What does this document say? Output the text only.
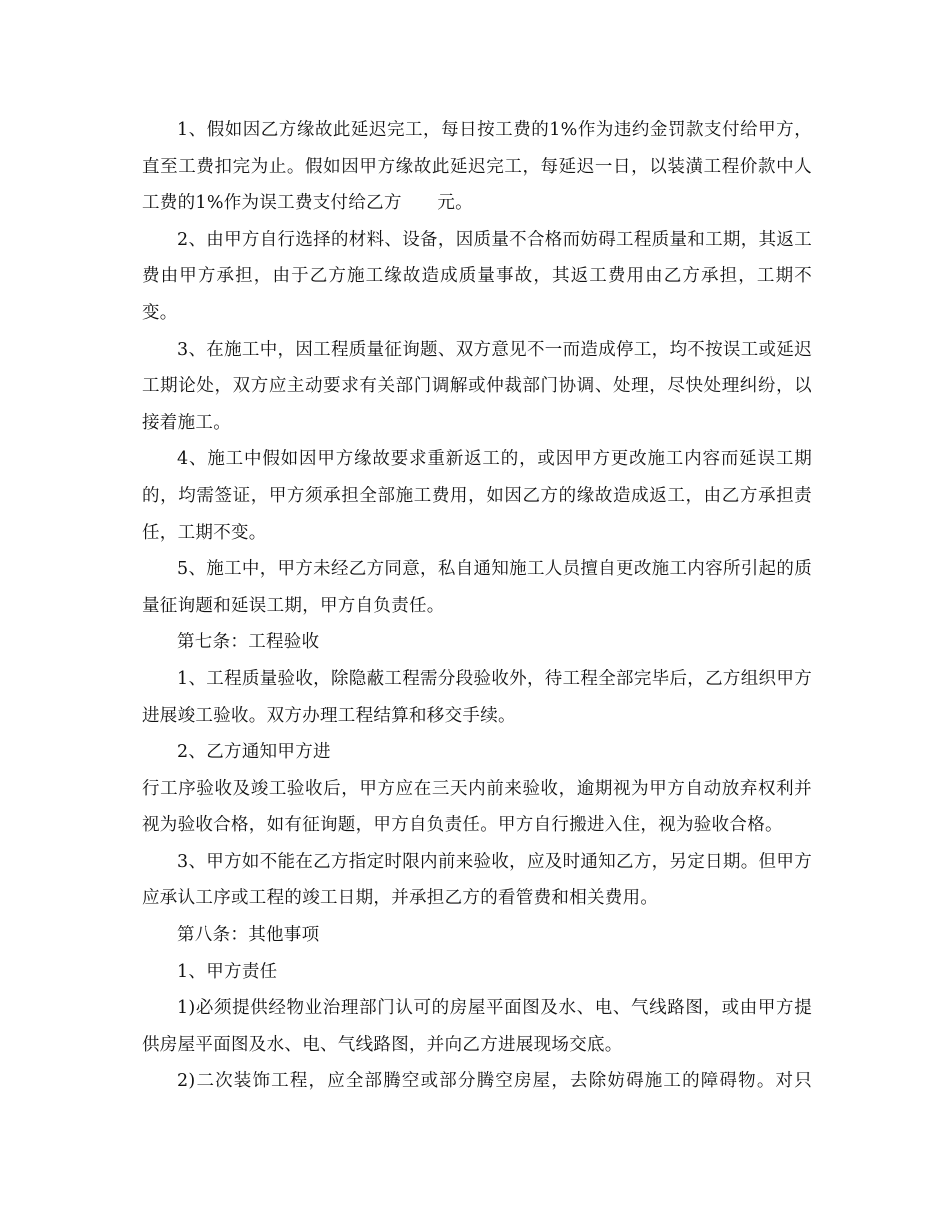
1、假如因乙方缘故此延迟完工，每日按工费的1%作为违约金罚款支付给甲方，直至工费扣完为止。假如因甲方缘故此延迟完工，每延迟一日，以装潢工程价款中人工费的1%作为误工费支付给乙方　　元。

2、由甲方自行选择的材料、设备，因质量不合格而妨碍工程质量和工期，其返工费由甲方承担，由于乙方施工缘故造成质量事故，其返工费用由乙方承担，工期不变。

3、在施工中，因工程质量征询题、双方意见不一而造成停工，均不按误工或延迟工期论处，双方应主动要求有关部门调解或仲裁部门协调、处理，尽快处理纠纷，以接着施工。

4、施工中假如因甲方缘故要求重新返工的，或因甲方更改施工内容而延误工期的，均需签证，甲方须承担全部施工费用，如因乙方的缘故造成返工，由乙方承担责任，工期不变。

5、施工中，甲方未经乙方同意，私自通知施工人员擅自更改施工内容所引起的质量征询题和延误工期，甲方自负责任。

第七条：工程验收

1、工程质量验收，除隐蔽工程需分段验收外，待工程全部完毕后，乙方组织甲方进展竣工验收。双方办理工程结算和移交手续。

2、乙方通知甲方进

行工序验收及竣工验收后，甲方应在三天内前来验收，逾期视为甲方自动放弃权利并视为验收合格，如有征询题，甲方自负责任。甲方自行搬进入住，视为验收合格。

3、甲方如不能在乙方指定时限内前来验收，应及时通知乙方，另定日期。但甲方应承认工序或工程的竣工日期，并承担乙方的看管费和相关费用。

第八条：其他事项

1、甲方责任

1)必须提供经物业治理部门认可的房屋平面图及水、电、气线路图，或由甲方提供房屋平面图及水、电、气线路图，并向乙方进展现场交底。

2)二次装饰工程，应全部腾空或部分腾空房屋，去除妨碍施工的障碍物。对只
